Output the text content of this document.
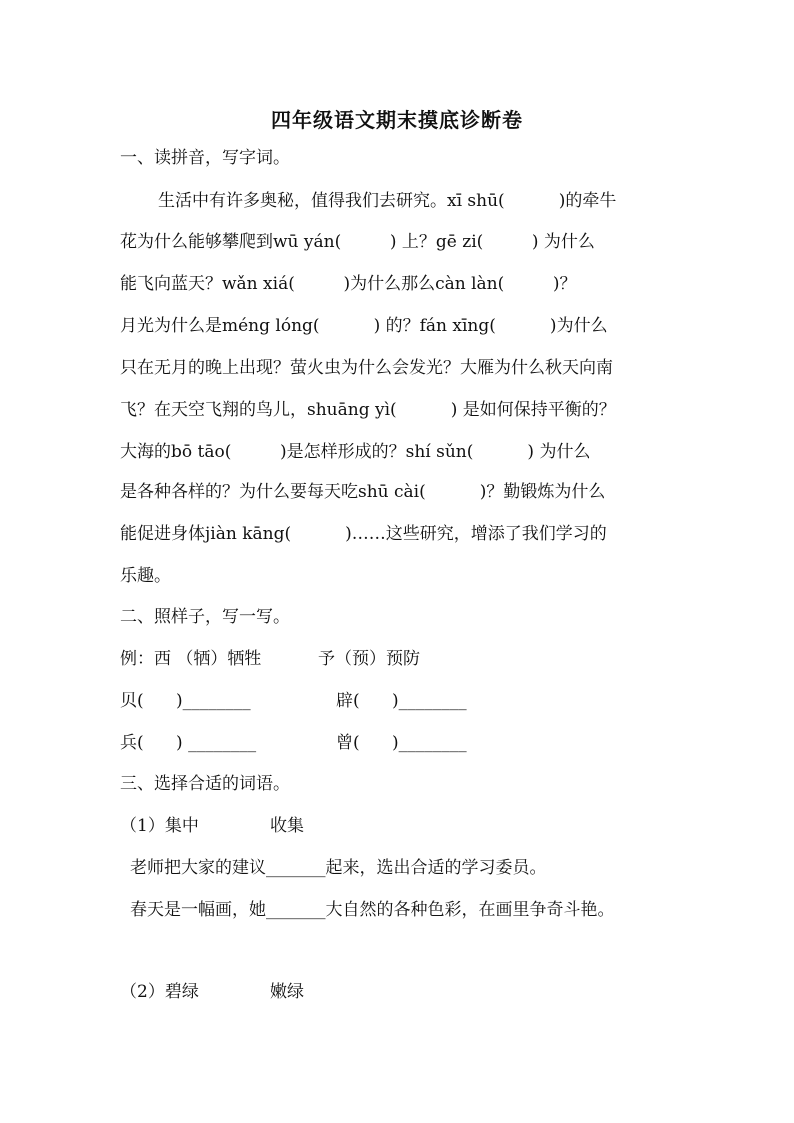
四年级语文期末摸底诊断卷
一、读拼音，写字词。
生活中有许多奥秘，值得我们去研究。xī shū(          )的牵牛
花为什么能够攀爬到wū yán(         ) 上？gē zi(         ) 为什么
能飞向蓝天？wǎn xiá(         )为什么那么càn làn(         )？
月光为什么是méng lóng(          ) 的？fán xīng(          )为什么
只在无月的晚上出现？萤火虫为什么会发光？大雁为什么秋天向南
飞？在天空飞翔的鸟儿，shuāng yì(          ) 是如何保持平衡的？
大海的bō tāo(         )是怎样形成的？shí sǔn(          ) 为什么
是各种各样的？为什么要每天吃shū cài(          )？勤锻炼为什么
能促进身体jiàn kāng(          )……这些研究，增添了我们学习的
乐趣。
二、照样子，写一写。
例：西 （牺）牺牲	予（预）预防
贝(      )________	辟(      )________
兵(      ) ________	曾(      )________
三、选择合适的词语。
（1）集中	收集
老师把大家的建议_______起来，选出合适的学习委员。
春天是一幅画，她_______大自然的各种色彩，在画里争奇斗艳。
（2）碧绿	嫩绿
